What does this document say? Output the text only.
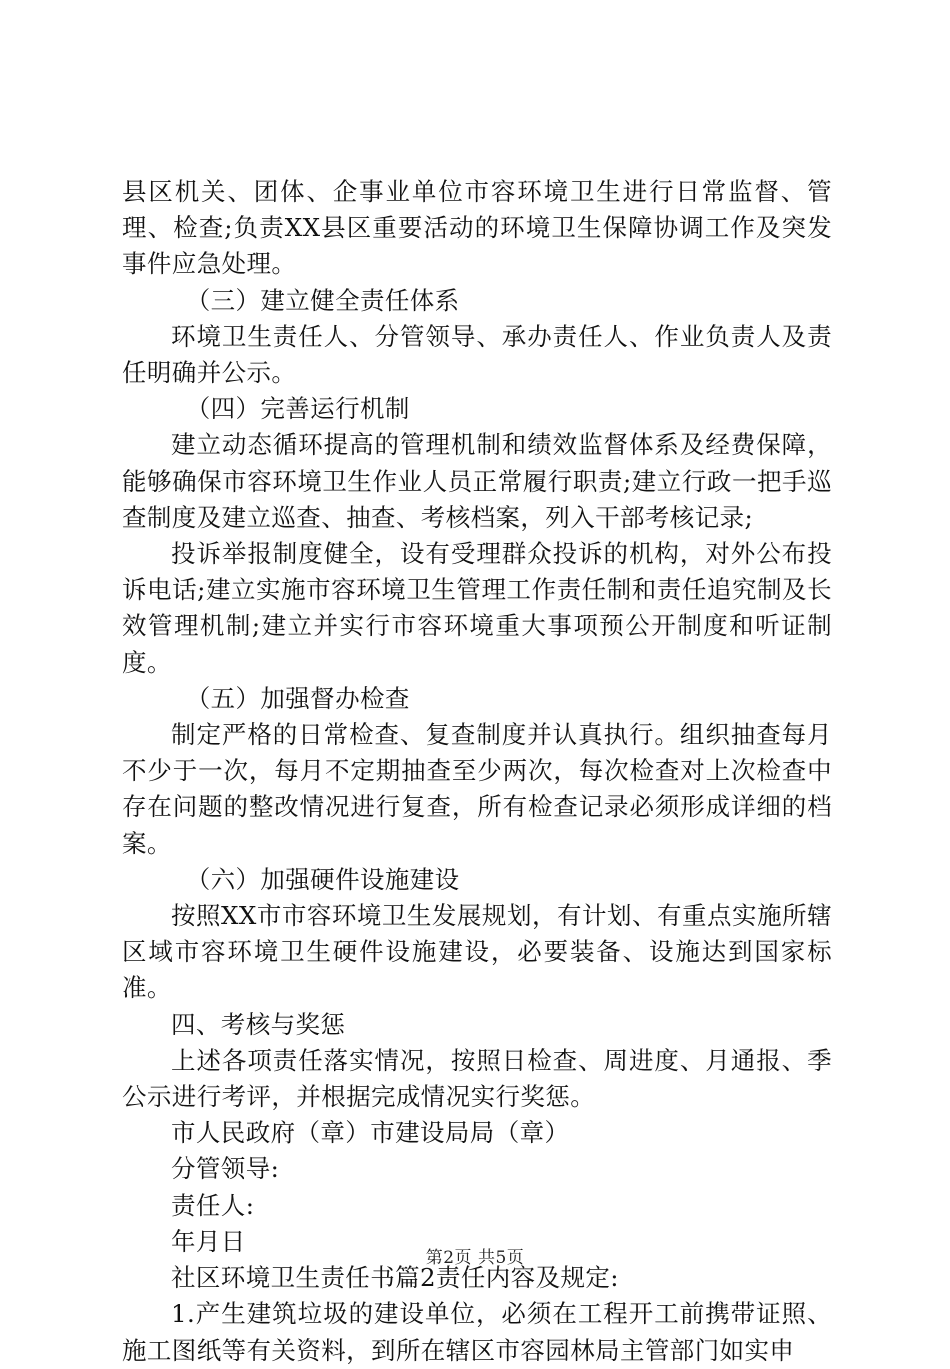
县区机关、团体、企事业单位市容环境卫生进行日常监督、管理、检查;负责XX县区重要活动的环境卫生保障协调工作及突发事件应急处理。

（三）建立健全责任体系

环境卫生责任人、分管领导、承办责任人、作业负责人及责任明确并公示。

（四）完善运行机制

建立动态循环提高的管理机制和绩效监督体系及经费保障，能够确保市容环境卫生作业人员正常履行职责;建立行政一把手巡查制度及建立巡查、抽查、考核档案，列入干部考核记录;

投诉举报制度健全，设有受理群众投诉的机构，对外公布投诉电话;建立实施市容环境卫生管理工作责任制和责任追究制及长效管理机制;建立并实行市容环境重大事项预公开制度和听证制度。

（五）加强督办检查

制定严格的日常检查、复查制度并认真执行。组织抽查每月不少于一次，每月不定期抽查至少两次，每次检查对上次检查中存在问题的整改情况进行复查，所有检查记录必须形成详细的档案。

（六）加强硬件设施建设

按照XX市市容环境卫生发展规划，有计划、有重点实施所辖区域市容环境卫生硬件设施建设，必要装备、设施达到国家标准。

四、考核与奖惩

上述各项责任落实情况，按照日检查、周进度、月通报、季公示进行考评，并根据完成情况实行奖惩。

市人民政府（章）市建设局局（章）

分管领导:

责任人:

年月日

社区环境卫生责任书篇2责任内容及规定:

1.产生建筑垃圾的建设单位，必须在工程开工前携带证照、施工图纸等有关资料，到所在辖区市容园林局主管部门如实申

第2页 共5页
